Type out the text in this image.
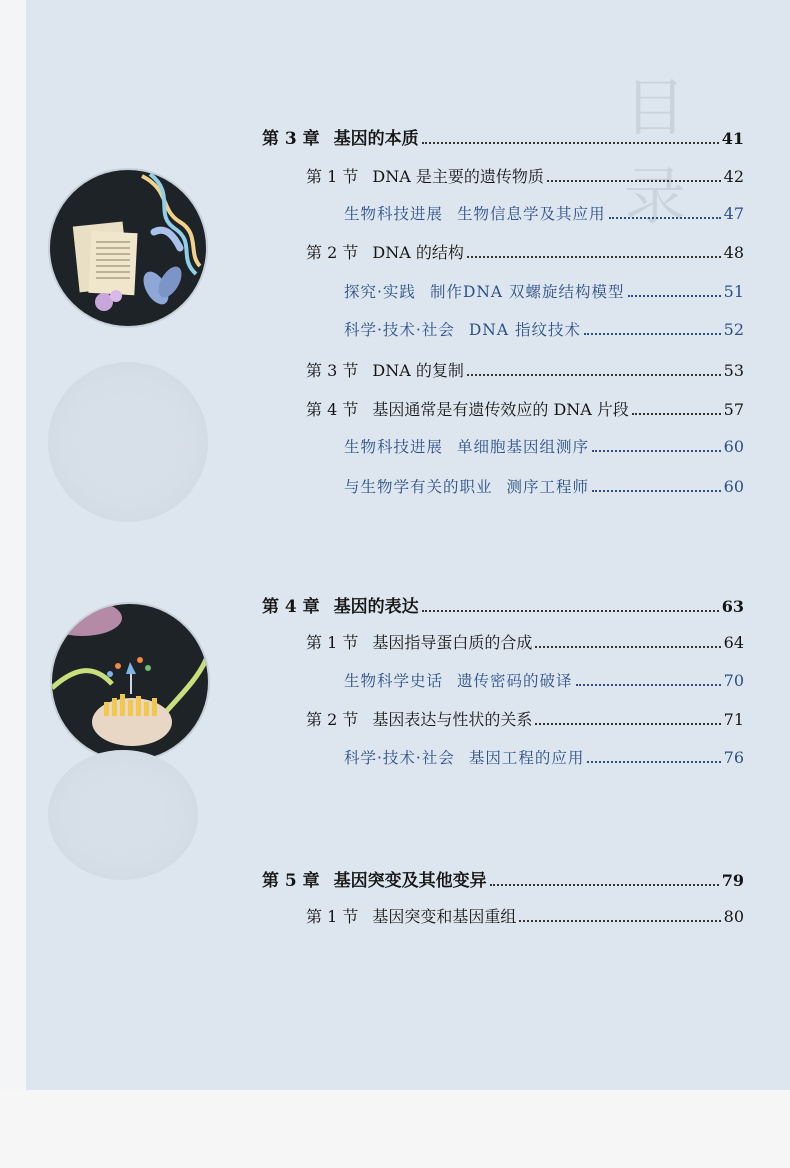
目录
第 3 章 基因的本质	41
第 1 节 DNA 是主要的遗传物质	42
生物科技进展 生物信息学及其应用	47
第 2 节 DNA 的结构	48
探究·实践 制作DNA 双螺旋结构模型	51
科学·技术·社会 DNA 指纹技术	52
第 3 节 DNA 的复制	53
第 4 节 基因通常是有遗传效应的 DNA 片段	57
生物科技进展 单细胞基因组测序	60
与生物学有关的职业 测序工程师	60
第 4 章 基因的表达	63
第 1 节 基因指导蛋白质的合成	64
生物科学史话 遗传密码的破译	70
第 2 节 基因表达与性状的关系	71
科学·技术·社会 基因工程的应用	76
第 5 章 基因突变及其他变异	79
第 1 节 基因突变和基因重组	80
